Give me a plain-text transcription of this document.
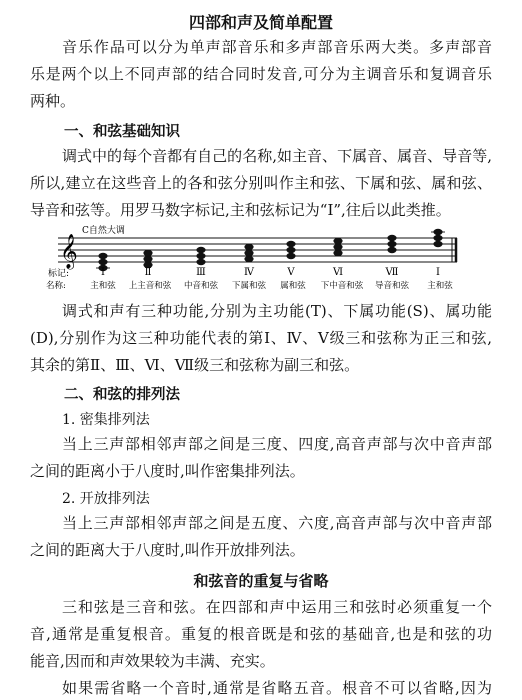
四部和声及简单配置
音乐作品可以分为单声部音乐和多声部音乐两大类。多声部音
乐是两个以上不同声部的结合同时发音,可分为主调音乐和复调音乐
两种。
一、和弦基础知识
调式中的每个音都有自己的名称,如主音、下属音、属音、导音等,
所以,建立在这些音上的各和弦分别叫作主和弦、下属和弦、属和弦、
导音和弦等。用罗马数字标记,主和弦标记为“Ⅰ”,往后以此类推。
C自然大调
𝄞
标记:	Ⅰ	Ⅱ	Ⅲ	Ⅳ	Ⅴ	Ⅵ	Ⅶ	Ⅰ
名称:	主和弦 上主音和弦 中音和弦 下属和弦 属和弦 下中音和弦 导音和弦 主和弦
调式和声有三种功能,分别为主功能(T)、下属功能(S)、属功能
(D),分别作为这三种功能代表的第Ⅰ、Ⅳ、Ⅴ级三和弦称为正三和弦,
其余的第Ⅱ、Ⅲ、Ⅵ、Ⅶ级三和弦称为副三和弦。
二、和弦的排列法
1. 密集排列法
当上三声部相邻声部之间是三度、四度,高音声部与次中音声部
之间的距离小于八度时,叫作密集排列法。
2. 开放排列法
当上三声部相邻声部之间是五度、六度,高音声部与次中音声部
之间的距离大于八度时,叫作开放排列法。
和弦音的重复与省略
三和弦是三音和弦。在四部和声中运用三和弦时必须重复一个
音,通常是重复根音。重复的根音既是和弦的基础音,也是和弦的功
能音,因而和声效果较为丰满、充实。
如果需省略一个音时,通常是省略五音。根音不可以省略,因为
